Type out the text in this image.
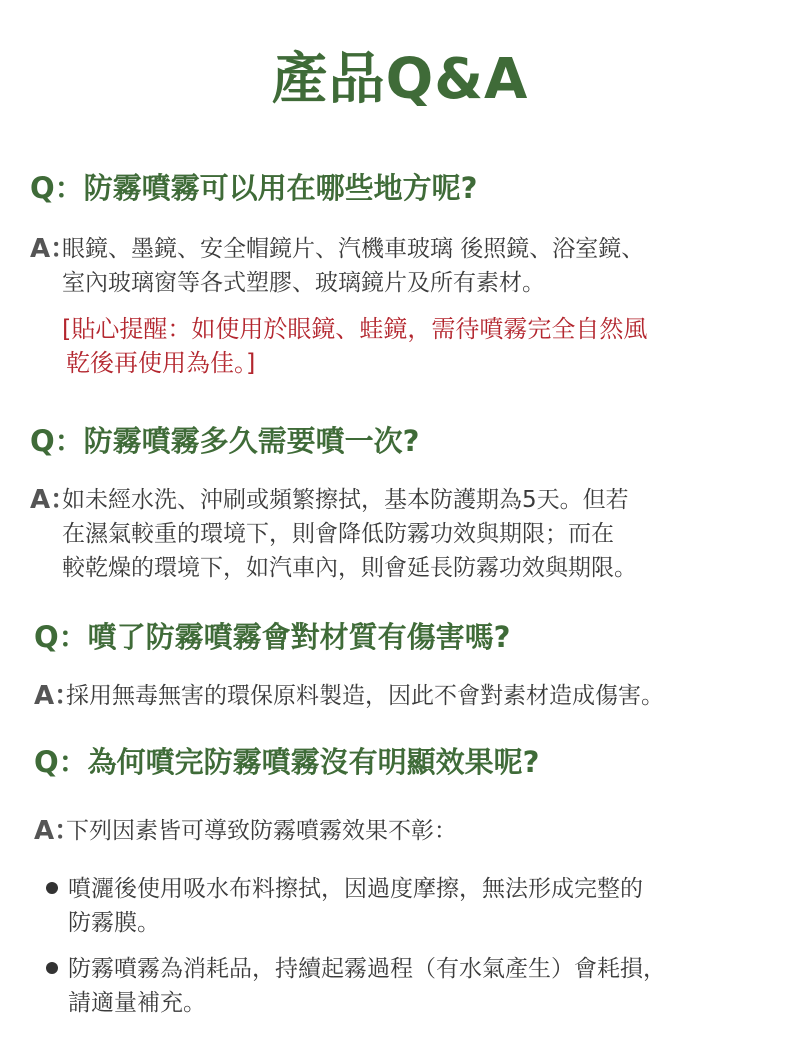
產品Q&A
Q：防霧噴霧可以用在哪些地方呢?
A：
眼鏡、墨鏡、安全帽鏡片、汽機車玻璃 後照鏡、浴室鏡、
室內玻璃窗等各式塑膠、玻璃鏡片及所有素材。
[貼心提醒：如使用於眼鏡、蛙鏡，需待噴霧完全自然風
乾後再使用為佳。]
Q：防霧噴霧多久需要噴一次?
A：
如未經水洗、沖刷或頻繁擦拭，基本防護期為5天。但若
在濕氣較重的環境下，則會降低防霧功效與期限；而在
較乾燥的環境下，如汽車內，則會延長防霧功效與期限。
Q：噴了防霧噴霧會對材質有傷害嗎?
A：
採用無毒無害的環保原料製造，因此不會對素材造成傷害。
Q：為何噴完防霧噴霧沒有明顯效果呢?
A：
下列因素皆可導致防霧噴霧效果不彰：
噴灑後使用吸水布料擦拭，因過度摩擦，無法形成完整的
防霧膜。
防霧噴霧為消耗品，持續起霧過程（有水氣產生）會耗損，
請適量補充。
